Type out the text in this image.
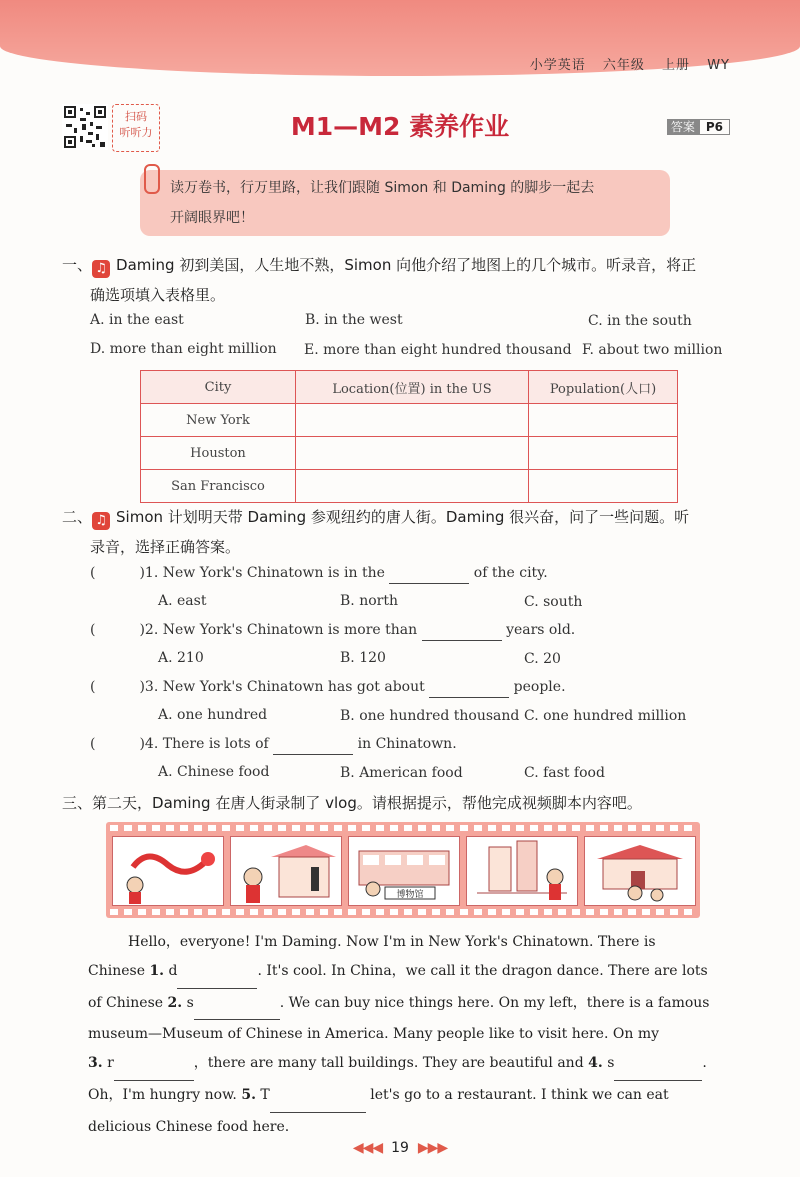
小学英语 六年级 上册 WY
扫码
听听力	M1—M2 素养作业	答案 P6
读万卷书，行万里路，让我们跟随 Simon 和 Daming 的脚步一起去
开阔眼界吧！
一、 ♫ Daming 初到美国，人生地不熟，Simon 向他介绍了地图上的几个城市。听录音，将正
确选项填入表格里。
A. in the east	B. in the west	C. in the south
D. more than eight million E. more than eight hundred thousand F. about two million
City	Location(位置) in the US	Population(人口)
New York		
Houston		
San Francisco		
二、 ♫ Simon 计划明天带 Daming 参观纽约的唐人街。Daming 很兴奋，问了一些问题。听
录音，选择正确答案。
(	)1. New York's Chinatown is in the	of the city.
A. east	B. north	C. south
(	)2. New York's Chinatown is more than	years old.
A. 210	B. 120	C. 20
(	)3. New York's Chinatown has got about	people.
A. one hundred	B. one hundred thousand C. one hundred million
(	)4. There is lots of	in Chinatown.
A. Chinese food	B. American food	C. fast food
三、第二天，Daming 在唐人街录制了 vlog。请根据提示，帮他完成视频脚本内容吧。
博物馆

Hello，everyone! I'm Daming. Now I'm in New York's Chinatown. There is

Chinese 1. d	. It's cool. In China，we call it the dragon dance. There are lots

of Chinese 2. s	. We can buy nice things here. On my left，there is a famous

museum—Museum of Chinese in America. Many people like to visit here. On my

3. r	，there are many tall buildings. They are beautiful and 4. s	.

Oh，I'm hungry now. 5. T	let's go to a restaurant. I think we can eat

delicious Chinese food here.

◀◀◀ 19 ▶▶▶
